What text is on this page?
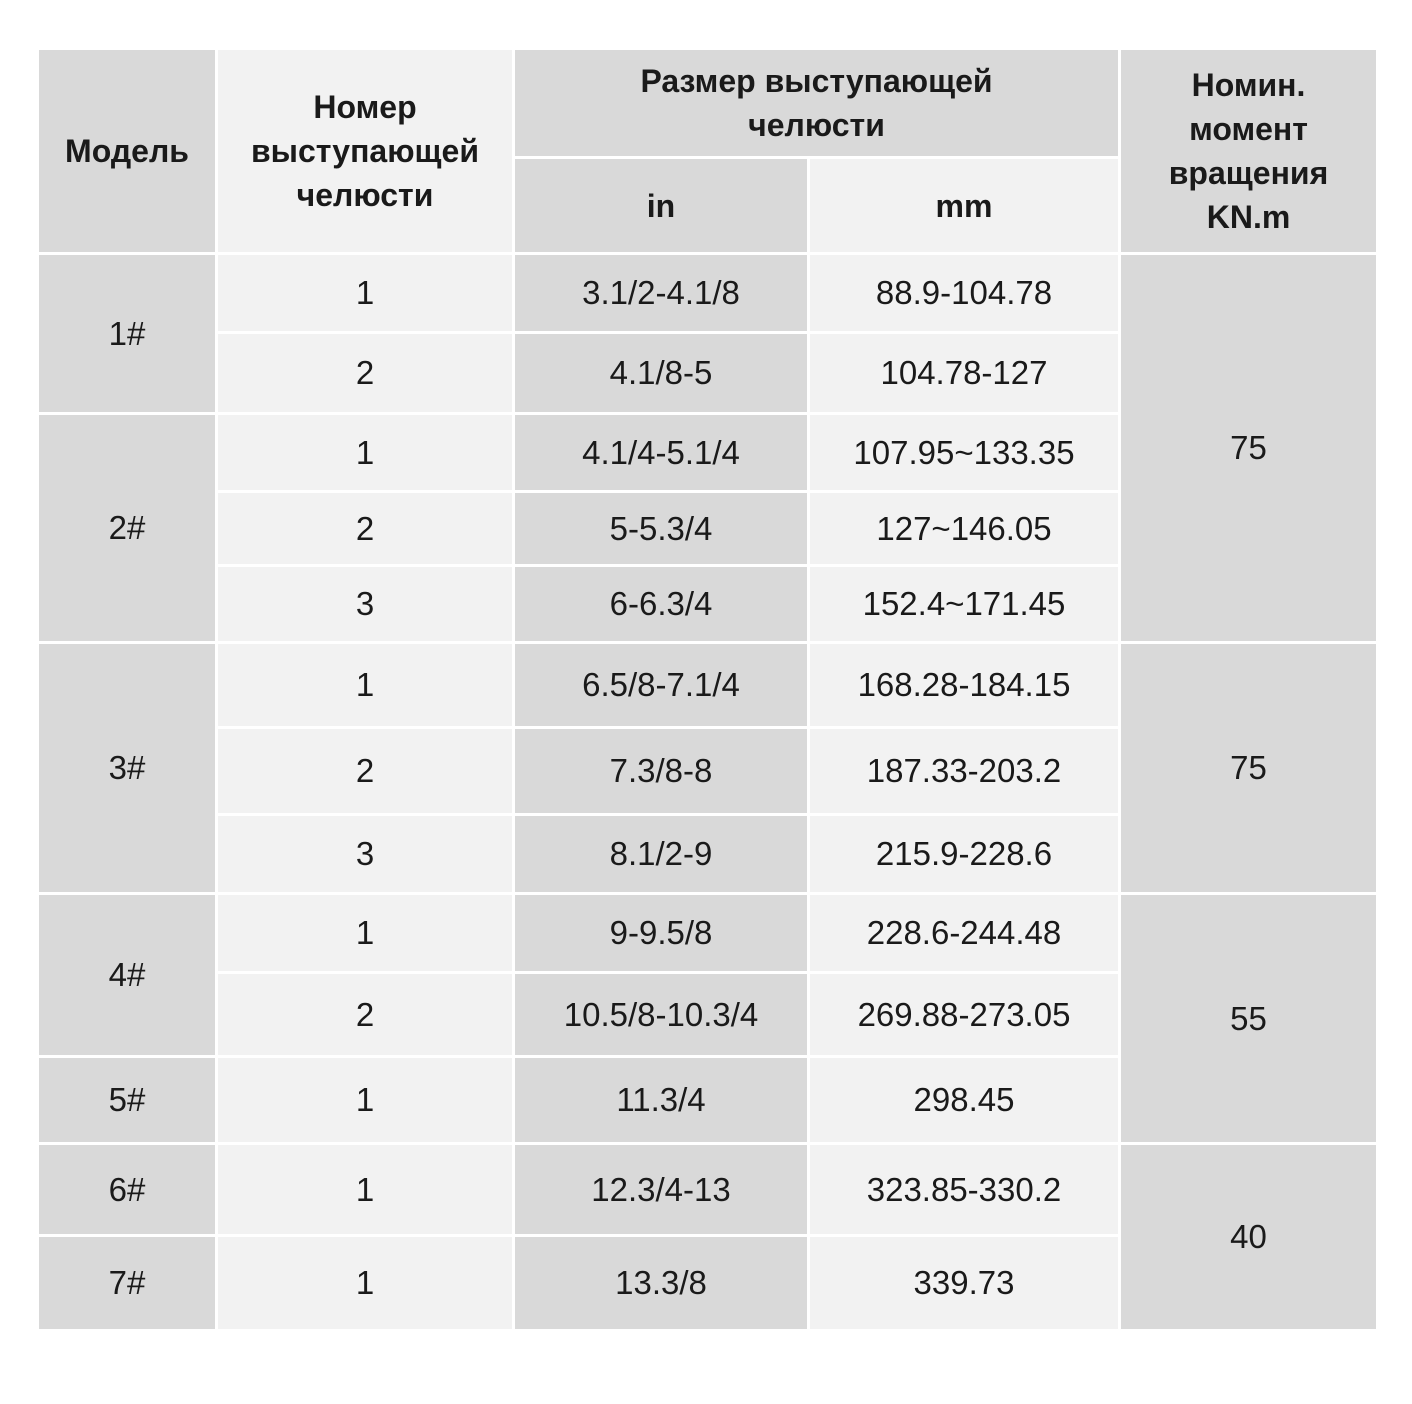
Модель	Номер выступающей челюсти	Размер выступающей челюсти		Номин. момент вращения KN.m
		in	mm	
1#	1	3.1/2-4.1/8	88.9-104.78	75
	2	4.1/8-5	104.78-127	
2#	1	4.1/4-5.1/4	107.95~133.35	
	2	5-5.3/4	127~146.05	
	3	6-6.3/4	152.4~171.45	
3#	1	6.5/8-7.1/4	168.28-184.15	75
	2	7.3/8-8	187.33-203.2	
	3	8.1/2-9	215.9-228.6	
4#	1	9-9.5/8	228.6-244.48	55
	2	10.5/8-10.3/4	269.88-273.05	
5#	1	11.3/4	298.45	
6#	1	12.3/4-13	323.85-330.2	40
7#	1	13.3/8	339.73	
